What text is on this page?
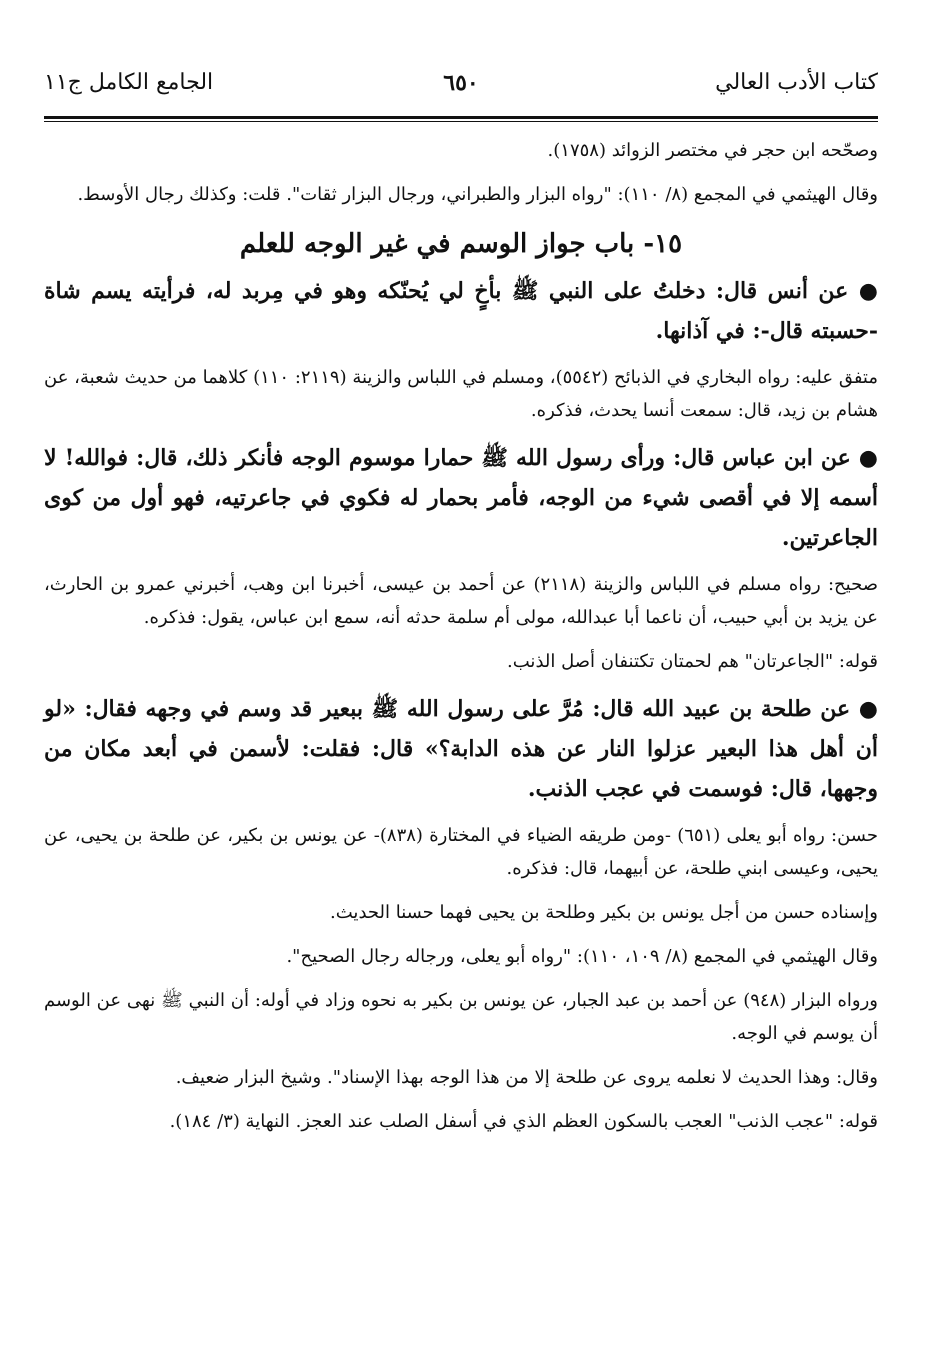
كتاب الأدب العالي
٦٥٠
الجامع الكامل ج١١

وصحّحه ابن حجر في مختصر الزوائد (١٧٥٨).

وقال الهيثمي في المجمع (٨/ ١١٠): "رواه البزار والطبراني، ورجال البزار ثقات". قلت: وكذلك رجال الأوسط.

١٥- باب جواز الوسم في غير الوجه للعلم

● عن أنس قال: دخلتُ على النبي ﷺ بأخٍ لي يُحنّكه وهو في مِربد له، فرأيته يسم شاة -حسبته قال-: في آذانها.

متفق عليه: رواه البخاري في الذبائح (٥٥٤٢)، ومسلم في اللباس والزينة (٢١١٩: ١١٠) كلاهما من حديث شعبة، عن هشام بن زيد، قال: سمعت أنسا يحدث، فذكره.

● عن ابن عباس قال: ورأى رسول الله ﷺ حمارا موسوم الوجه فأنكر ذلك، قال: فوالله! لا أسمه إلا في أقصى شيء من الوجه، فأمر بحمار له فكوي في جاعرتيه، فهو أول من كوى الجاعرتين.

صحيح: رواه مسلم في اللباس والزينة (٢١١٨) عن أحمد بن عيسى، أخبرنا ابن وهب، أخبرني عمرو بن الحارث، عن يزيد بن أبي حبيب، أن ناعما أبا عبدالله، مولى أم سلمة حدثه أنه، سمع ابن عباس، يقول: فذكره.

قوله: "الجاعرتان" هم لحمتان تكتنفان أصل الذنب.

● عن طلحة بن عبيد الله قال: مُرَّ على رسول الله ﷺ ببعير قد وسم في وجهه فقال: «لو أن أهل هذا البعير عزلوا النار عن هذه الدابة؟» قال: فقلت: لأسمن في أبعد مكان من وجهها، قال: فوسمت في عجب الذنب.

حسن: رواه أبو يعلى (٦٥١) -ومن طريقه الضياء في المختارة (٨٣٨)- عن يونس بن بكير، عن طلحة بن يحيى، عن يحيى، وعيسى ابني طلحة، عن أبيهما، قال: فذكره.

وإسناده حسن من أجل يونس بن بكير وطلحة بن يحيى فهما حسنا الحديث.

وقال الهيثمي في المجمع (٨/ ١٠٩، ١١٠): "رواه أبو يعلى، ورجاله رجال الصحيح".

ورواه البزار (٩٤٨) عن أحمد بن عبد الجبار، عن يونس بن بكير به نحوه وزاد في أوله: أن النبي ﷺ نهى عن الوسم أن يوسم في الوجه.

وقال: وهذا الحديث لا نعلمه يروى عن طلحة إلا من هذا الوجه بهذا الإسناد". وشيخ البزار ضعيف.

قوله: "عجب الذنب" العجب بالسكون العظم الذي في أسفل الصلب عند العجز. النهاية (٣/ ١٨٤).
